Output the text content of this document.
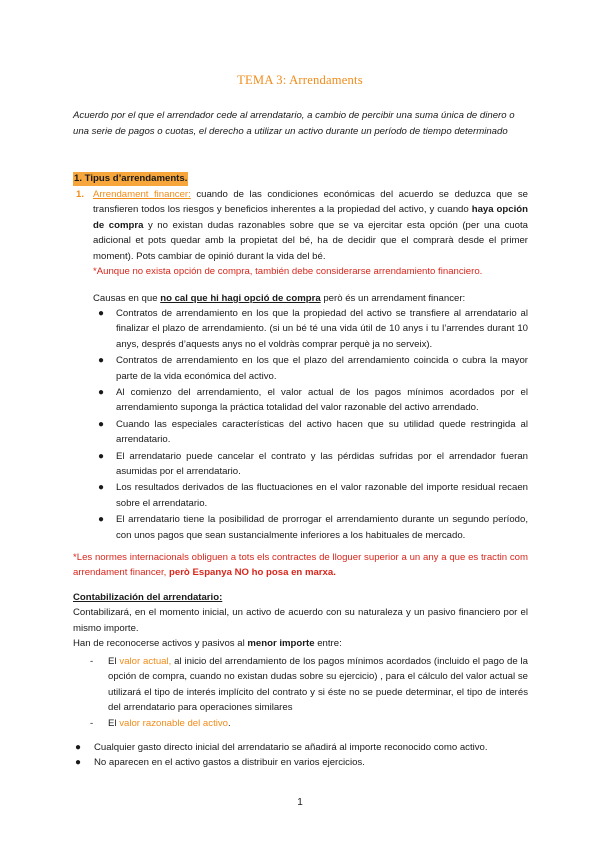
TEMA 3: Arrendaments
Acuerdo por el que el arrendador cede al arrendatario, a cambio de percibir una suma única de dinero o una serie de pagos o cuotas, el derecho a utilizar un activo durante un período de tiempo determinado
1. Tipus d’arrendaments.
1. Arrendament financer: cuando de las condiciones económicas del acuerdo se deduzca que se transfieren todos los riesgos y beneficios inherentes a la propiedad del activo, y cuando haya opción de compra y no existan dudas razonables sobre que se va ejercitar esta opción (per una cuota adicional et pots quedar amb la propietat del bé, ha de decidir que el comprarà desde el primer moment). Pots cambiar de opinió durant la vida del bé.
*Aunque no exista opción de compra, también debe considerarse arrendamiento financiero.
Causas en que no cal que hi hagi opció de compra però és un arrendament financer:
● Contratos de arrendamiento en los que la propiedad del activo se transfiere al arrendatario al finalizar el plazo de arrendamiento. (si un bé té una vida útil de 10 anys i tu l’arrendes durant 10 anys, després d’aquests anys no el voldràs comprar perquè ja no serveix).
● Contratos de arrendamiento en los que el plazo del arrendamiento coincida o cubra la mayor parte de la vida económica del activo.
● Al comienzo del arrendamiento, el valor actual de los pagos mínimos acordados por el arrendamiento suponga la práctica totalidad del valor razonable del activo arrendado.
● Cuando las especiales características del activo hacen que su utilidad quede restringida al arrendatario.
● El arrendatario puede cancelar el contrato y las pérdidas sufridas por el arrendador fueran asumidas por el arrendatario.
● Los resultados derivados de las fluctuaciones en el valor razonable del importe residual recaen sobre el arrendatario.
● El arrendatario tiene la posibilidad de prorrogar el arrendamiento durante un segundo período, con unos pagos que sean sustancialmente inferiores a los habituales de mercado.
*Les normes internacionals obliguen a tots els contractes de lloguer superior a un any a que es tractin com arrendament financer, però Espanya NO ho posa en marxa.
Contabilización del arrendatario:
Contabilizará, en el momento inicial, un activo de acuerdo con su naturaleza y un pasivo financiero por el mismo importe.
Han de reconocerse activos y pasivos al menor importe entre:
- El valor actual, al inicio del arrendamiento de los pagos mínimos acordados (incluido el pago de la opción de compra, cuando no existan dudas sobre su ejercicio) , para el cálculo del valor actual se utilizará el tipo de interés implícito del contrato y si éste no se puede determinar, el tipo de interés del arrendatario para operaciones similares
- El valor razonable del activo.
● Cualquier gasto directo inicial del arrendatario se añadirá al importe reconocido como activo.
● No aparecen en el activo gastos a distribuir en varios ejercicios.
1
